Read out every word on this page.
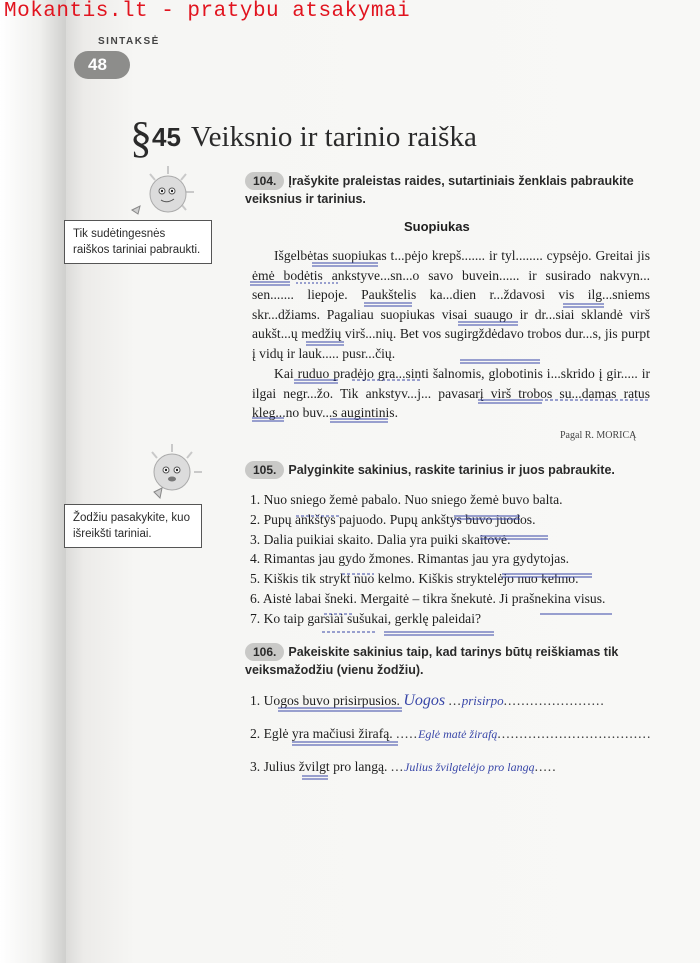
Mokantis.lt - pratybu atsakymai
SINTAKSĖ
48
§45 Veiksnio ir tarinio raiška
Tik sudėtingesnės raiškos tariniai pabraukti.
104. Įrašykite praleistas raides, sutartiniais ženklais pabraukite veiksnius ir tarinius.
Suopiukas
Išgelbėtas suopiukas t...pėjo krepš....... ir tyl........ cypsėjo. Greitai jis ėmė bodėtis ankstyve...sn...o savo buvein...... ir susirado nakvyn... sen....... liepoje. Paukštelis ka...dien r...ždavosi vis ilg...sniems skr...džiams. Pagaliau suopiukas visai suaugo ir dr...siai sklandė virš aukšt...ų medžių virš...nių. Bet vos sugirgždėdavo trobos dur...s, jis purpt į vidų ir lauk..... pusr...čių.
Kai ruduo pradėjo gra...sinti šalnomis, globotinis i...skrido į gir..... ir ilgai negr...žo. Tik ankstyv...j... pavasarį virš trobos su...damas ratus kleg...no buv...s augintinis.
Pagal R. MORICĄ
Žodžiu pasakykite, kuo išreikšti tariniai.
105. Palyginkite sakinius, raskite tarinius ir juos pabraukite.
1. Nuo sniego žemė pabalo. Nuo sniego žemė buvo balta.
2. Pupų ankštys pajuodo. Pupų ankštys buvo juodos.
3. Dalia puikiai skaito. Dalia yra puiki skaitovė.
4. Rimantas jau gydo žmones. Rimantas jau yra gydytojas.
5. Kiškis tik strykt nuo kelmo. Kiškis stryktelėjo nuo kelmo.
6. Aistė labai šneki. Mergaitė – tikra šnekutė. Ji prašnekina visus.
7. Ko taip garsiai sušukai, gerklę paleidai?
106. Pakeiskite sakinius taip, kad tarinys būtų reiškiamas tik veiksmažodžiu (vienu žodžiu).
1. Uogos buvo prisirpusios. Uogos ...prisirpo.......................
2. Eglė yra mačiusi žirafą. .....Eglė matė žirafą...................................
3. Julius žvilgt pro langą. ...Julius žvilgtelėjo pro langą.....
